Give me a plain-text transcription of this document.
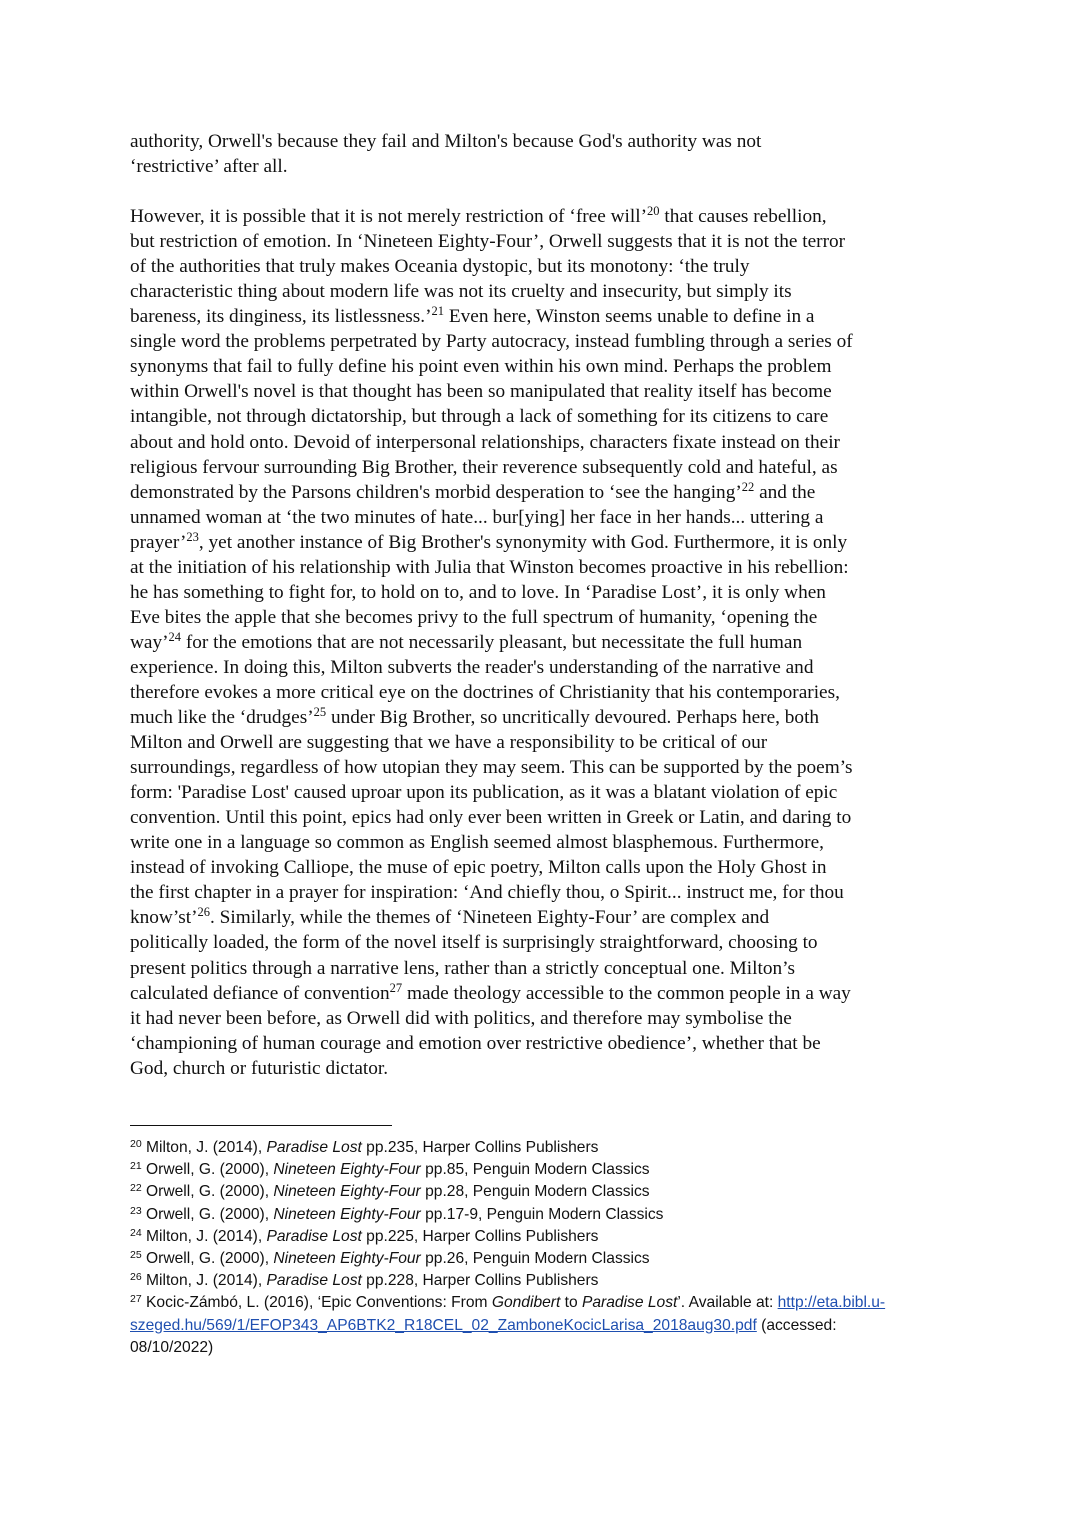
authority, Orwell's because they fail and Milton's because God's authority was not
‘restrictive’ after all.

However, it is possible that it is not merely restriction of ‘free will’$^{20}$ that causes rebellion,
but restriction of emotion. In ‘Nineteen Eighty-Four’, Orwell suggests that it is not the terror
of the authorities that truly makes Oceania dystopic, but its monotony: ‘the truly
characteristic thing about modern life was not its cruelty and insecurity, but simply its
bareness, its dinginess, its listlessness.’$^{21}$ Even here, Winston seems unable to define in a
single word the problems perpetrated by Party autocracy, instead fumbling through a series of
synonyms that fail to fully define his point even within his own mind. Perhaps the problem
within Orwell's novel is that thought has been so manipulated that reality itself has become
intangible, not through dictatorship, but through a lack of something for its citizens to care
about and hold onto. Devoid of interpersonal relationships, characters fixate instead on their
religious fervour surrounding Big Brother, their reverence subsequently cold and hateful, as
demonstrated by the Parsons children's morbid desperation to ‘see the hanging’$^{22}$ and the
unnamed woman at ‘the two minutes of hate... bur[ying] her face in her hands... uttering a
prayer’$^{23}$, yet another instance of Big Brother's synonymity with God. Furthermore, it is only
at the initiation of his relationship with Julia that Winston becomes proactive in his rebellion:
he has something to fight for, to hold on to, and to love. In ‘Paradise Lost’, it is only when
Eve bites the apple that she becomes privy to the full spectrum of humanity, ‘opening the
way’$^{24}$ for the emotions that are not necessarily pleasant, but necessitate the full human
experience. In doing this, Milton subverts the reader's understanding of the narrative and
therefore evokes a more critical eye on the doctrines of Christianity that his contemporaries,
much like the ‘drudges’$^{25}$ under Big Brother, so uncritically devoured. Perhaps here, both
Milton and Orwell are suggesting that we have a responsibility to be critical of our
surroundings, regardless of how utopian they may seem. This can be supported by the poem’s
form: 'Paradise Lost' caused uproar upon its publication, as it was a blatant violation of epic
convention. Until this point, epics had only ever been written in Greek or Latin, and daring to
write one in a language so common as English seemed almost blasphemous. Furthermore,
instead of invoking Calliope, the muse of epic poetry, Milton calls upon the Holy Ghost in
the first chapter in a prayer for inspiration: ‘And chiefly thou, o Spirit... instruct me, for thou
know’st’$^{26}$. Similarly, while the themes of ‘Nineteen Eighty-Four’ are complex and
politically loaded, the form of the novel itself is surprisingly straightforward, choosing to
present politics through a narrative lens, rather than a strictly conceptual one. Milton’s
calculated defiance of convention$^{27}$ made theology accessible to the common people in a way
it had never been before, as Orwell did with politics, and therefore may symbolise the
‘championing of human courage and emotion over restrictive obedience’, whether that be
God, church or futuristic dictator.

$^{20}$ Milton, J. (2014), Paradise Lost pp.235, Harper Collins Publishers
$^{21}$ Orwell, G. (2000), Nineteen Eighty-Four pp.85, Penguin Modern Classics
$^{22}$ Orwell, G. (2000), Nineteen Eighty-Four pp.28, Penguin Modern Classics
$^{23}$ Orwell, G. (2000), Nineteen Eighty-Four pp.17-9, Penguin Modern Classics
$^{24}$ Milton, J. (2014), Paradise Lost pp.225, Harper Collins Publishers
$^{25}$ Orwell, G. (2000), Nineteen Eighty-Four pp.26, Penguin Modern Classics
$^{26}$ Milton, J. (2014), Paradise Lost pp.228, Harper Collins Publishers
$^{27}$ Kocic-Zámbó, L. (2016), ‘Epic Conventions: From Gondibert to Paradise Lost’. Available at: http://eta.bibl.u-
szeged.hu/569/1/EFOP343_AP6BTK2_R18CEL_02_ZamboneKocicLarisa_2018aug30.pdf (accessed:
08/10/2022)
